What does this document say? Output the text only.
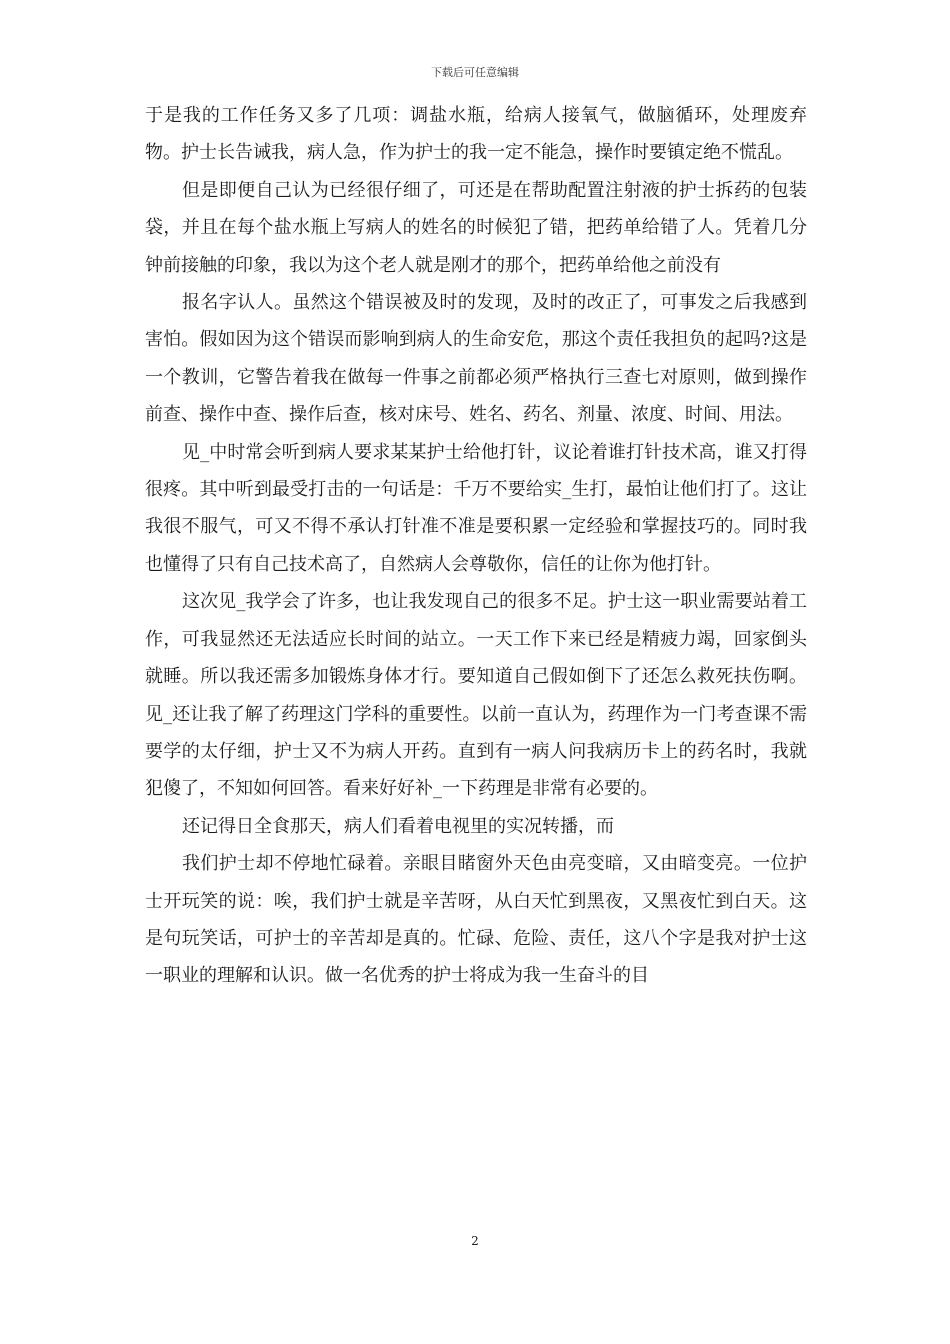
下载后可任意编辑

于是我的工作任务又多了几项：调盐水瓶，给病人接氧气，做脑循环，处理废弃物。护士长告诫我，病人急，作为护士的我一定不能急，操作时要镇定绝不慌乱。

但是即便自己认为已经很仔细了，可还是在帮助配置注射液的护士拆药的包装袋，并且在每个盐水瓶上写病人的姓名的时候犯了错，把药单给错了人。凭着几分钟前接触的印象，我以为这个老人就是刚才的那个，把药单给他之前没有

报名字认人。虽然这个错误被及时的发现，及时的改正了，可事发之后我感到害怕。假如因为这个错误而影响到病人的生命安危，那这个责任我担负的起吗?这是一个教训，它警告着我在做每一件事之前都必须严格执行三查七对原则，做到操作前查、操作中查、操作后查，核对床号、姓名、药名、剂量、浓度、时间、用法。

见_中时常会听到病人要求某某护士给他打针，议论着谁打针技术高，谁又打得很疼。其中听到最受打击的一句话是：千万不要给实_生打，最怕让他们打了。这让我很不服气，可又不得不承认打针准不准是要积累一定经验和掌握技巧的。同时我也懂得了只有自己技术高了，自然病人会尊敬你，信任的让你为他打针。

这次见_我学会了许多，也让我发现自己的很多不足。护士这一职业需要站着工作，可我显然还无法适应长时间的站立。一天工作下来已经是精疲力竭，回家倒头就睡。所以我还需多加锻炼身体才行。要知道自己假如倒下了还怎么救死扶伤啊。见_还让我了解了药理这门学科的重要性。以前一直认为，药理作为一门考查课不需要学的太仔细，护士又不为病人开药。直到有一病人问我病历卡上的药名时，我就犯傻了，不知如何回答。看来好好补_一下药理是非常有必要的。

还记得日全食那天，病人们看着电视里的实况转播，而

我们护士却不停地忙碌着。亲眼目睹窗外天色由亮变暗，又由暗变亮。一位护士开玩笑的说：唉，我们护士就是辛苦呀，从白天忙到黑夜，又黑夜忙到白天。这是句玩笑话，可护士的辛苦却是真的。忙碌、危险、责任，这八个字是我对护士这一职业的理解和认识。做一名优秀的护士将成为我一生奋斗的目

2
